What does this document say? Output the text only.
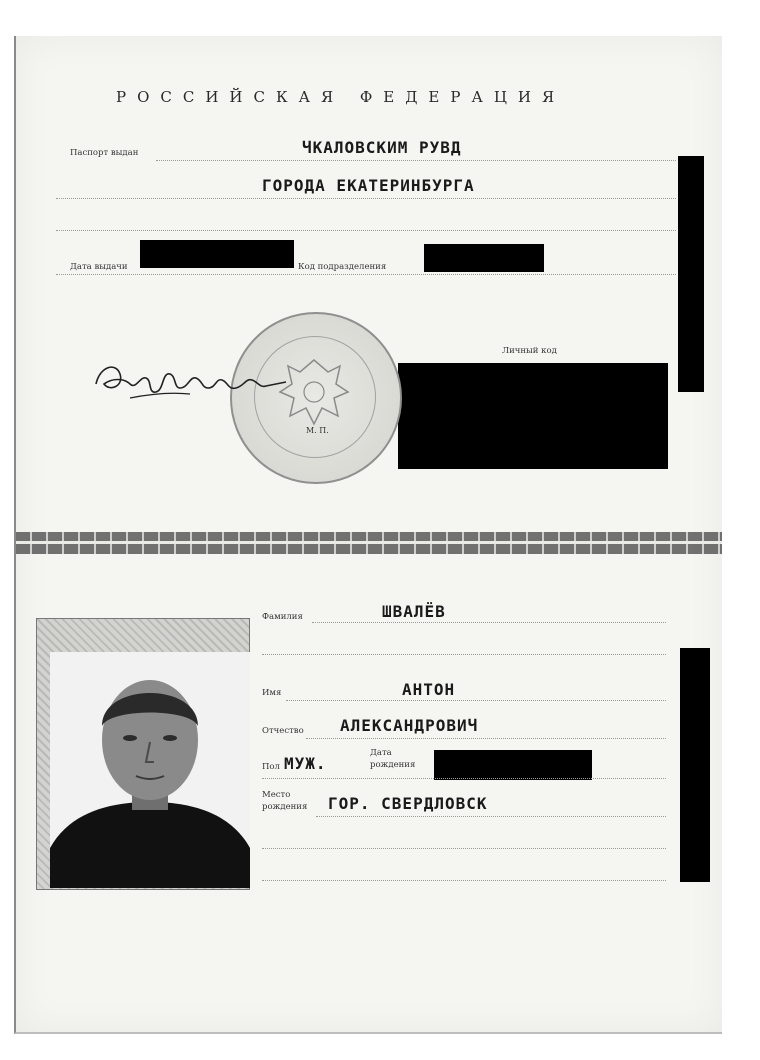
РОССИЙСКАЯ ФЕДЕРАЦИЯ
Паспорт выдан	ЧКАЛОВСКИМ РУВД
ГОРОДА ЕКАТЕРИНБУРГА
Дата выдачи	Код подразделения
Личный код
М. П.
Фамилия	ШВАЛЁВ
Имя	АНТОН
Отчество АЛЕКСАНДРОВИЧ
Пол МУЖ.
Дата
рождения
Место
рождения ГОР. СВЕРДЛОВСК
